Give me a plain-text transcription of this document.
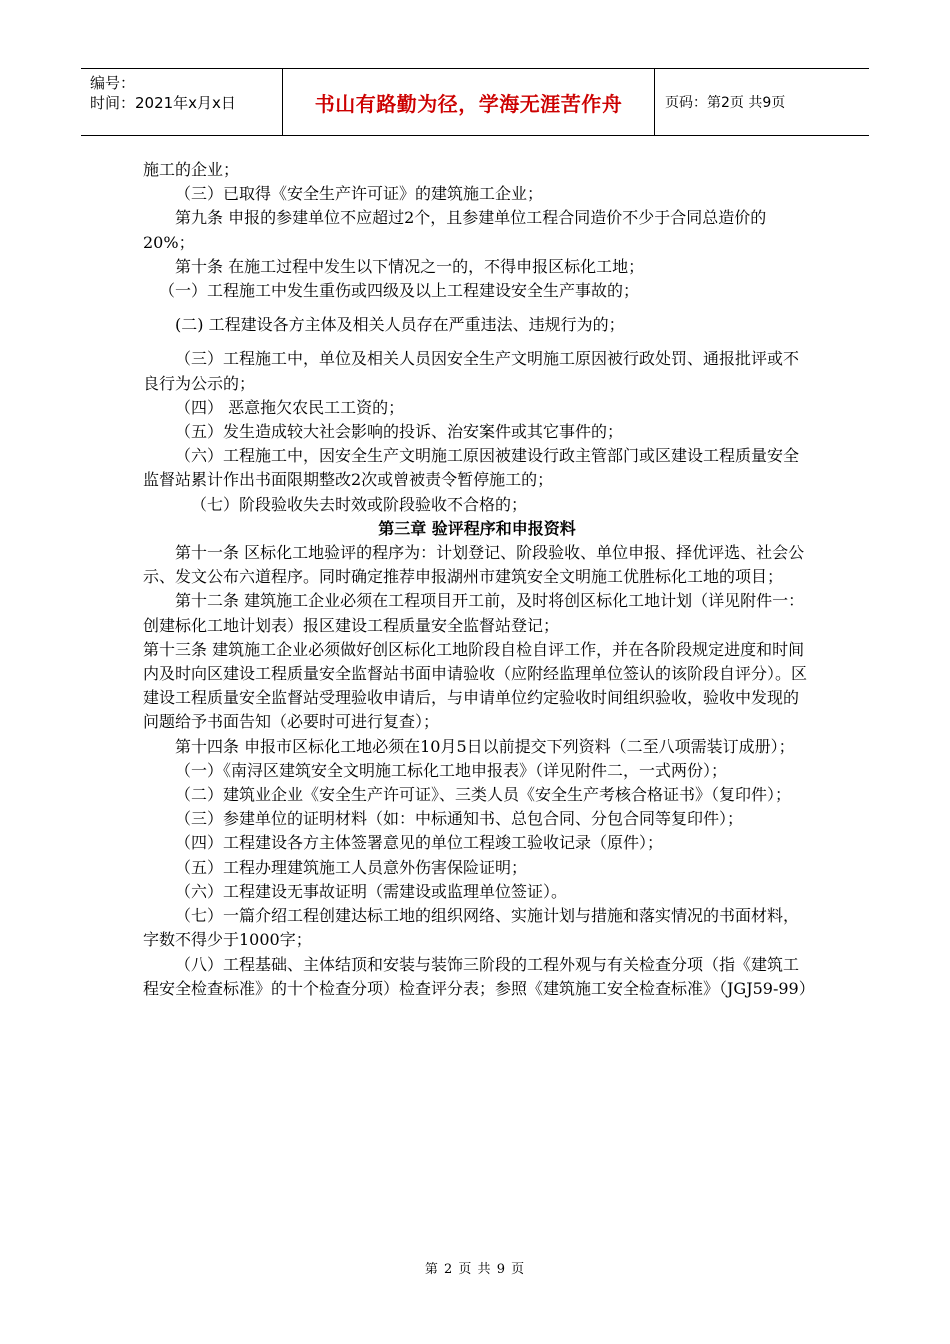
编号：
时间：2021年x月x日	书山有路勤为径，学海无涯苦作舟	页码：第2页 共9页

施工的企业；

（三）已取得《安全生产许可证》的建筑施工企业；

第九条 申报的参建单位不应超过2个，且参建单位工程合同造价不少于合同总造价的20%；

第十条 在施工过程中发生以下情况之一的，不得申报区标化工地；

（一）工程施工中发生重伤或四级及以上工程建设安全生产事故的；

(二) 工程建设各方主体及相关人员存在严重违法、违规行为的；

（三）工程施工中，单位及相关人员因安全生产文明施工原因被行政处罚、通报批评或不良行为公示的；

（四） 恶意拖欠农民工工资的；

（五）发生造成较大社会影响的投诉、治安案件或其它事件的；

（六）工程施工中，因安全生产文明施工原因被建设行政主管部门或区建设工程质量安全监督站累计作出书面限期整改2次或曾被责令暂停施工的；

（七）阶段验收失去时效或阶段验收不合格的；

第三章 验评程序和申报资料

第十一条 区标化工地验评的程序为：计划登记、阶段验收、单位申报、择优评选、社会公示、发文公布六道程序。同时确定推荐申报湖州市建筑安全文明施工优胜标化工地的项目；

第十二条 建筑施工企业必须在工程项目开工前，及时将创区标化工地计划（详见附件一：创建标化工地计划表）报区建设工程质量安全监督站登记；

第十三条 建筑施工企业必须做好创区标化工地阶段自检自评工作，并在各阶段规定进度和时间内及时向区建设工程质量安全监督站书面申请验收（应附经监理单位签认的该阶段自评分）。区建设工程质量安全监督站受理验收申请后，与申请单位约定验收时间组织验收，验收中发现的问题给予书面告知（必要时可进行复查）；

第十四条 申报市区标化工地必须在10月5日以前提交下列资料（二至八项需装订成册）；

（一）《南浔区建筑安全文明施工标化工地申报表》（详见附件二，一式两份）；

（二）建筑业企业《安全生产许可证》、三类人员《安全生产考核合格证书》（复印件）；

（三）参建单位的证明材料（如：中标通知书、总包合同、分包合同等复印件）；

（四）工程建设各方主体签署意见的单位工程竣工验收记录（原件）；

（五）工程办理建筑施工人员意外伤害保险证明；

（六）工程建设无事故证明（需建设或监理单位签证）。

（七）一篇介绍工程创建达标工地的组织网络、实施计划与措施和落实情况的书面材料，字数不得少于1000字；

（八）工程基础、主体结顶和安装与装饰三阶段的工程外观与有关检查分项（指《建筑工程安全检查标准》的十个检查分项）检查评分表；参照《建筑施工安全检查标准》（JGJ59-99）

第 2 页 共 9 页
